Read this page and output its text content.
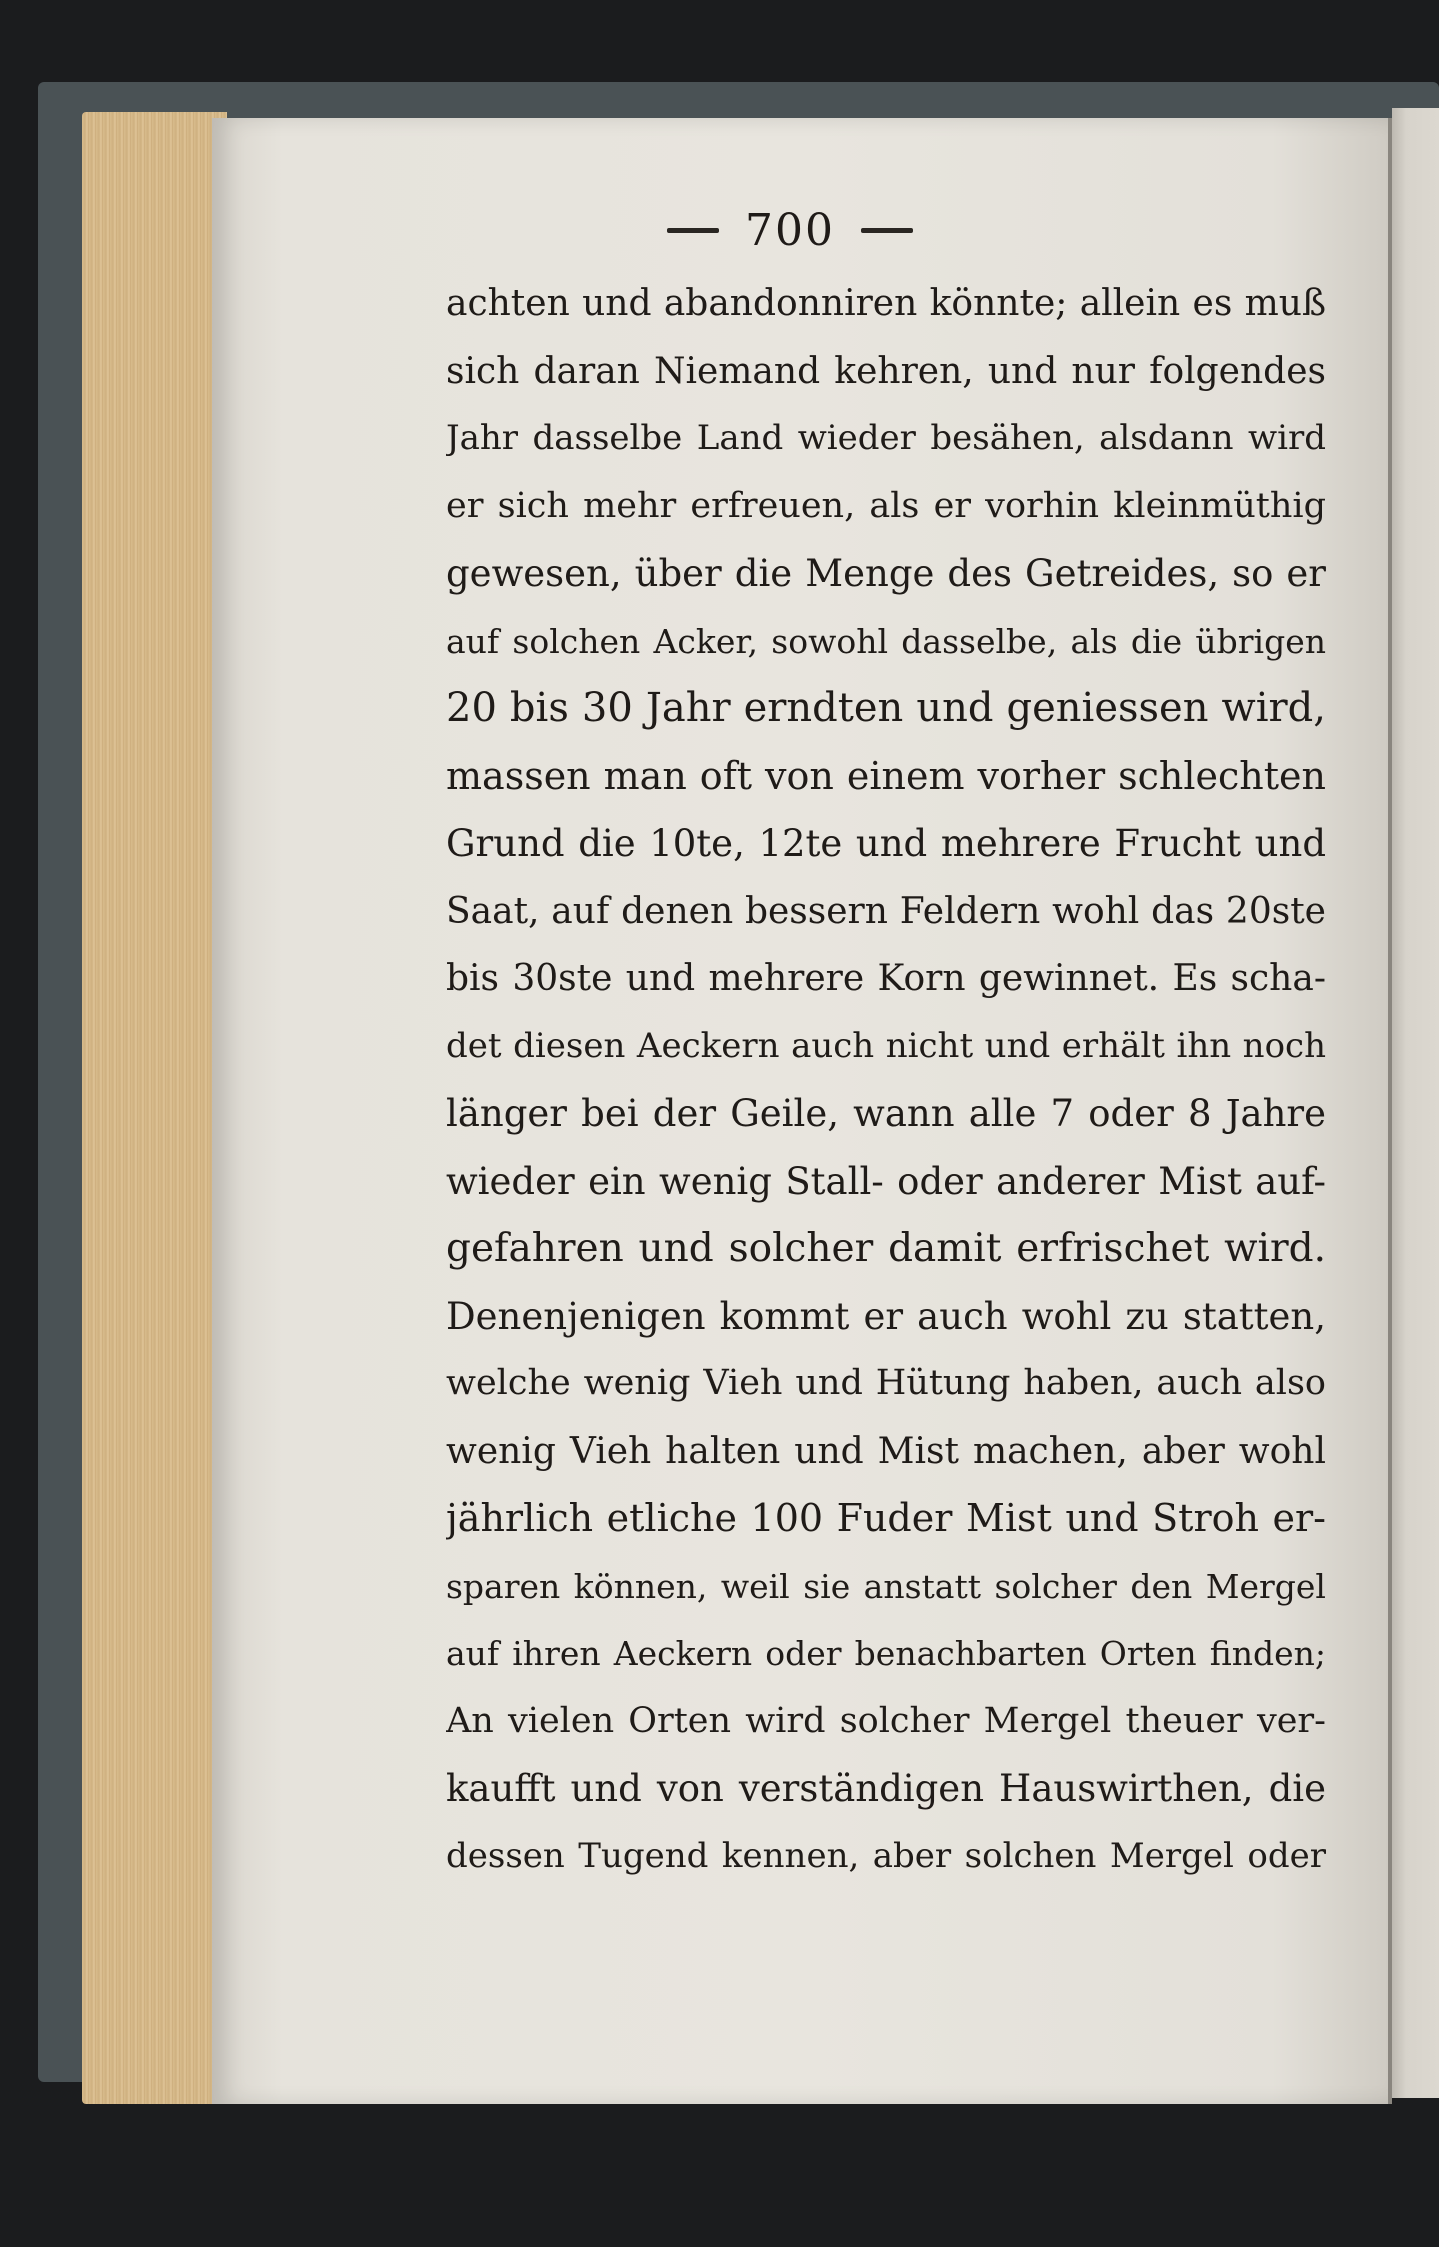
700
achten und abandonniren könnte; allein es muß
sich daran Niemand kehren, und nur folgendes
Jahr dasselbe Land wieder besähen, alsdann wird
er sich mehr erfreuen, als er vorhin kleinmüthig
gewesen, über die Menge des Getreides, so er
auf solchen Acker, sowohl dasselbe, als die übrigen
20 bis 30 Jahr erndten und geniessen wird,
massen man oft von einem vorher schlechten
Grund die 10te, 12te und mehrere Frucht und
Saat, auf denen bessern Feldern wohl das 20ste
bis 30ste und mehrere Korn gewinnet. Es scha-
det diesen Aeckern auch nicht und erhält ihn noch
länger bei der Geile, wann alle 7 oder 8 Jahre
wieder ein wenig Stall- oder anderer Mist auf-
gefahren und solcher damit erfrischet wird.
Denenjenigen kommt er auch wohl zu statten,
welche wenig Vieh und Hütung haben, auch also
wenig Vieh halten und Mist machen, aber wohl
jährlich etliche 100 Fuder Mist und Stroh er-
sparen können, weil sie anstatt solcher den Mergel
auf ihren Aeckern oder benachbarten Orten finden;
An vielen Orten wird solcher Mergel theuer ver-
kaufft und von verständigen Hauswirthen, die
dessen Tugend kennen, aber solchen Mergel oder
